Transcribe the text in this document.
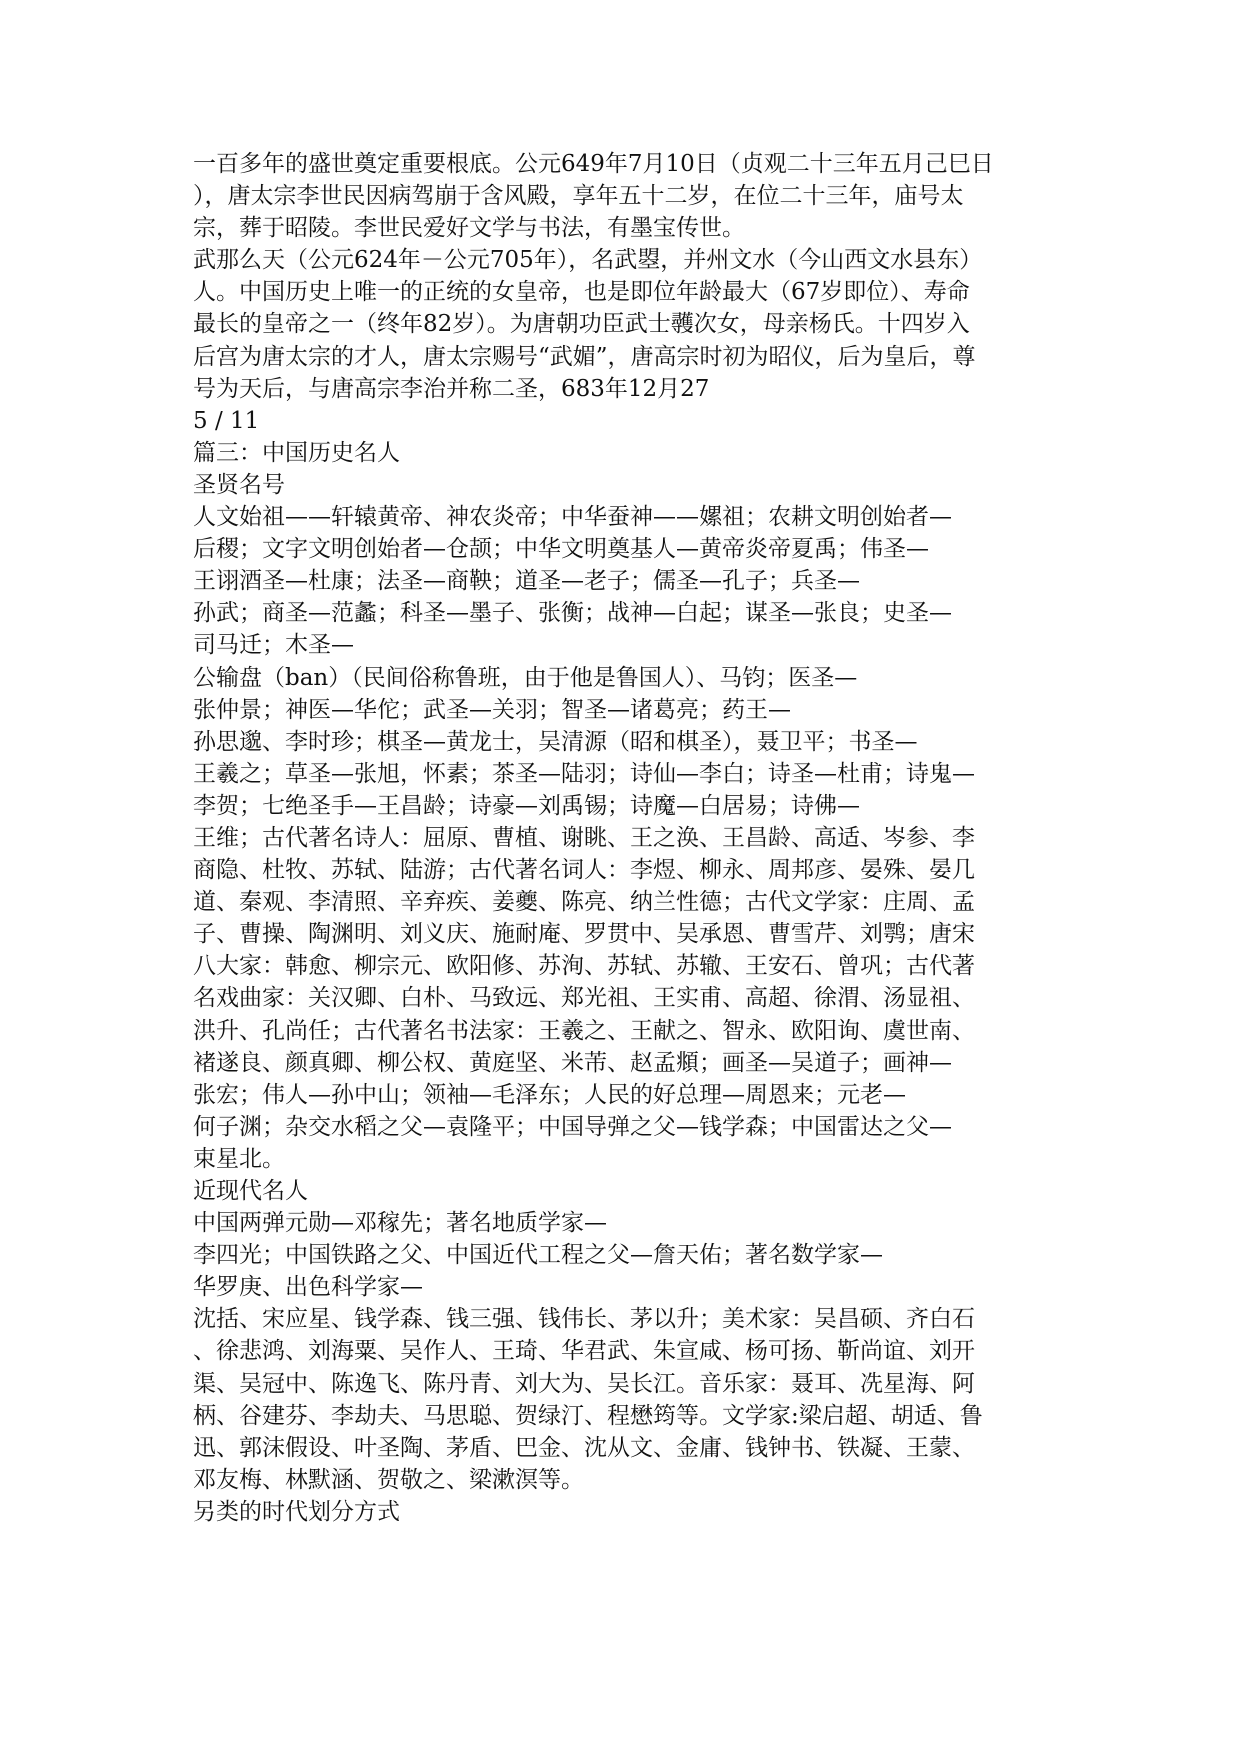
一百多年的盛世奠定重要根底。公元649年7月10日（贞观二十三年五月己巳日
），唐太宗李世民因病驾崩于含风殿，享年五十二岁，在位二十三年，庙号太
宗，葬于昭陵。李世民爱好文学与书法，有墨宝传世。
武那么天（公元624年－公元705年），名武曌，并州文水（今山西文水县东）
人。中国历史上唯一的正统的女皇帝，也是即位年龄最大（67岁即位）、寿命
最长的皇帝之一（终年82岁）。为唐朝功臣武士彠次女，母亲杨氏。十四岁入
后宫为唐太宗的才人，唐太宗赐号“武媚”，唐高宗时初为昭仪，后为皇后，尊
号为天后，与唐高宗李治并称二圣，683年12月27
5 / 11
篇三：中国历史名人
圣贤名号
人文始祖——轩辕黄帝、神农炎帝；中华蚕神——嫘祖；农耕文明创始者—
后稷；文字文明创始者—仓颉；中华文明奠基人—黄帝炎帝夏禹；伟圣—
王诩酒圣—杜康；法圣—商鞅；道圣—老子；儒圣—孔子；兵圣—
孙武；商圣—范蠡；科圣—墨子、张衡；战神—白起；谋圣—张良；史圣—
司马迁；木圣—
公输盘（ban）（民间俗称鲁班，由于他是鲁国人）、马钧；医圣—
张仲景；神医—华佗；武圣—关羽；智圣—诸葛亮；药王—
孙思邈、李时珍；棋圣—黄龙士，吴清源（昭和棋圣），聂卫平；书圣—
王羲之；草圣—张旭，怀素；茶圣—陆羽；诗仙—李白；诗圣—杜甫；诗鬼—
李贺；七绝圣手—王昌龄；诗豪—刘禹锡；诗魔—白居易；诗佛—
王维；古代著名诗人：屈原、曹植、谢眺、王之涣、王昌龄、高适、岑参、李
商隐、杜牧、苏轼、陆游；古代著名词人：李煜、柳永、周邦彦、晏殊、晏几
道、秦观、李清照、辛弃疾、姜夔、陈亮、纳兰性德；古代文学家：庄周、孟
子、曹操、陶渊明、刘义庆、施耐庵、罗贯中、吴承恩、曹雪芹、刘鹗；唐宋
八大家：韩愈、柳宗元、欧阳修、苏洵、苏轼、苏辙、王安石、曾巩；古代著
名戏曲家：关汉卿、白朴、马致远、郑光祖、王实甫、高超、徐渭、汤显祖、
洪升、孔尚任；古代著名书法家：王羲之、王献之、智永、欧阳询、虞世南、
褚遂良、颜真卿、柳公权、黄庭坚、米芾、赵孟頫；画圣—吴道子；画神—
张宏；伟人—孙中山；领袖—毛泽东；人民的好总理—周恩来；元老—
何子渊；杂交水稻之父—袁隆平；中国导弹之父—钱学森；中国雷达之父—
束星北。
近现代名人
中国两弹元勋—邓稼先；著名地质学家—
李四光；中国铁路之父、中国近代工程之父—詹天佑；著名数学家—
华罗庚、出色科学家—
沈括、宋应星、钱学森、钱三强、钱伟长、茅以升；美术家：吴昌硕、齐白石
、徐悲鸿、刘海粟、吴作人、王琦、华君武、朱宣咸、杨可扬、靳尚谊、刘开
渠、吴冠中、陈逸飞、陈丹青、刘大为、吴长江。音乐家：聂耳、冼星海、阿
柄、谷建芬、李劫夫、马思聪、贺绿汀、程懋筠等。文学家:梁启超、胡适、鲁
迅、郭沫假设、叶圣陶、茅盾、巴金、沈从文、金庸、钱钟书、铁凝、王蒙、
邓友梅、林默涵、贺敬之、梁漱溟等。
另类的时代划分方式
